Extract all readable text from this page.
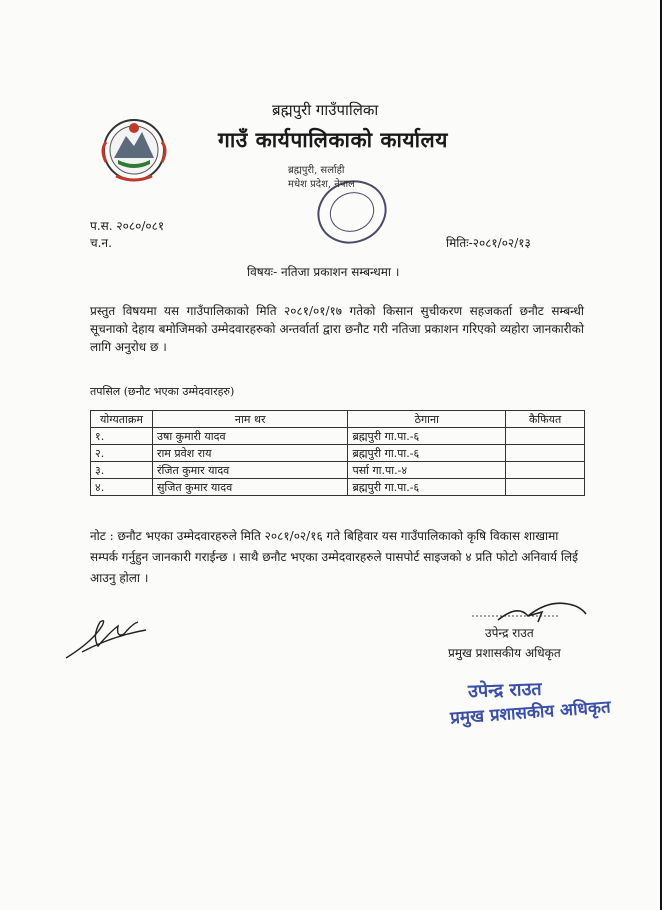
ब्रह्मपुरी गाउँपालिका
गाउँ कार्यपालिकाको कार्यालय
ब्रह्मपुरी, सर्लाही
मधेश प्रदेश, नेपाल
प.स. २०८०/०८१
च.न.	मितिः-२०८१/०२/१३
विषयः- नतिजा प्रकाशन सम्बन्धमा ।
प्रस्तुत विषयमा यस गाउँपालिकाको मिति २०८१/०१/१७ गतेको किसान सुचीकरण सहजकर्ता छनौट सम्बन्धी सूचनाको देहाय बमोजिमको उम्मेदवारहरुको अन्तर्वार्ता द्वारा छनौट गरी नतिजा प्रकाशन गरिएको व्यहोरा जानकारीको लागि अनुरोध छ ।
तपसिल (छनौट भएका उम्मेदवारहरु)
योग्यताक्रम	नाम थर	ठेगाना	कैफियत
१.	उषा कुमारी यादव	ब्रह्मपुरी गा.पा.-६	
२.	राम प्रवेश राय	ब्रह्मपुरी गा.पा.-६	
३.	रंजित कुमार यादव	पर्सा गा.पा.-४	
४.	सुजित कुमार यादव	ब्रह्मपुरी गा.पा.-६	
नोट : छनौट भएका उम्मेदवारहरुले मिति २०८१/०२/१६ गते बिहिवार यस गाउँपालिकाको कृषि विकास शाखामा सम्पर्क गर्नुहुन जानकारी गराईन्छ । साथै छनौट भएका उम्मेदवारहरुले पासपोर्ट साइजको ४ प्रति फोटो अनिवार्य लिई आउनु होला ।
उपेन्द्र राउत
प्रमुख प्रशासकीय अधिकृत
उपेन्द्र राउत
प्रमुख प्रशासकीय अधिकृत
